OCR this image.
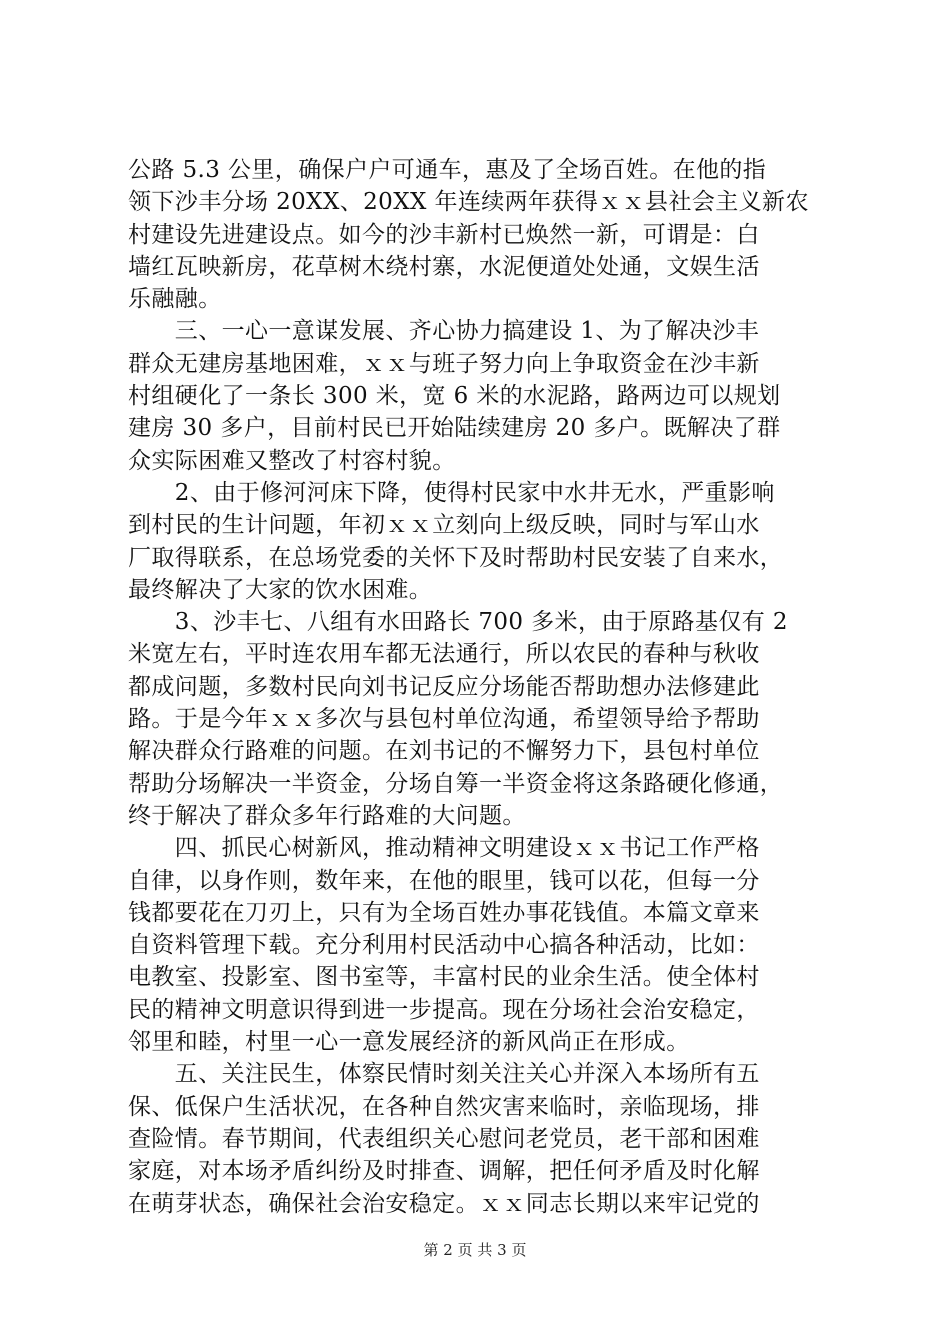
公路 5.3 公里，确保户户可通车，惠及了全场百姓。在他的指
领下沙丰分场 20XX、20XX 年连续两年获得ｘｘ县社会主义新农
村建设先进建设点。如今的沙丰新村已焕然一新，可谓是：白
墙红瓦映新房，花草树木绕村寨，水泥便道处处通，文娱生活
乐融融。
　　三、一心一意谋发展、齐心协力搞建设 1、为了解决沙丰
群众无建房基地困难，ｘｘ与班子努力向上争取资金在沙丰新
村组硬化了一条长 300 米，宽 6 米的水泥路，路两边可以规划
建房 30 多户，目前村民已开始陆续建房 20 多户。既解决了群
众实际困难又整改了村容村貌。
　　2、由于修河河床下降，使得村民家中水井无水，严重影响
到村民的生计问题，年初ｘｘ立刻向上级反映，同时与军山水
厂取得联系，在总场党委的关怀下及时帮助村民安装了自来水，
最终解决了大家的饮水困难。
　　3、沙丰七、八组有水田路长 700 多米，由于原路基仅有 2
米宽左右，平时连农用车都无法通行，所以农民的春种与秋收
都成问题，多数村民向刘书记反应分场能否帮助想办法修建此
路。于是今年ｘｘ多次与县包村单位沟通，希望领导给予帮助
解决群众行路难的问题。在刘书记的不懈努力下，县包村单位
帮助分场解决一半资金，分场自筹一半资金将这条路硬化修通，
终于解决了群众多年行路难的大问题。
　　四、抓民心树新风，推动精神文明建设ｘｘ书记工作严格
自律，以身作则，数年来，在他的眼里，钱可以花，但每一分
钱都要花在刀刃上，只有为全场百姓办事花钱值。本篇文章来
自资料管理下载。充分利用村民活动中心搞各种活动，比如：
电教室、投影室、图书室等，丰富村民的业余生活。使全体村
民的精神文明意识得到进一步提高。现在分场社会治安稳定，
邻里和睦，村里一心一意发展经济的新风尚正在形成。
　　五、关注民生，体察民情时刻关注关心并深入本场所有五
保、低保户生活状况，在各种自然灾害来临时，亲临现场，排
查险情。春节期间，代表组织关心慰问老党员，老干部和困难
家庭，对本场矛盾纠纷及时排查、调解，把任何矛盾及时化解
在萌芽状态，确保社会治安稳定。ｘｘ同志长期以来牢记党的
第 2 页 共 3 页
